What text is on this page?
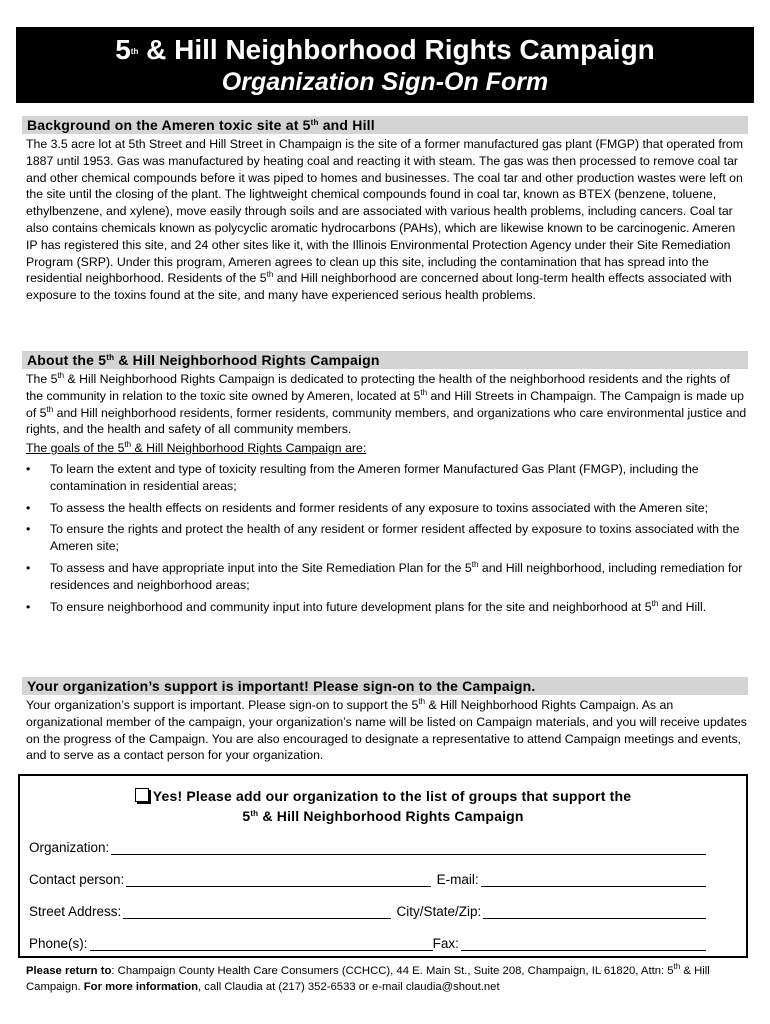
5th & Hill Neighborhood Rights Campaign
Organization Sign-On Form
Background on the Ameren toxic site at 5th and Hill
The 3.5 acre lot at 5th Street and Hill Street in Champaign is the site of a former manufactured gas plant (FMGP) that operated from 1887 until 1953. Gas was manufactured by heating coal and reacting it with steam. The gas was then processed to remove coal tar and other chemical compounds before it was piped to homes and businesses. The coal tar and other production wastes were left on the site until the closing of the plant. The lightweight chemical compounds found in coal tar, known as BTEX (benzene, toluene, ethylbenzene, and xylene), move easily through soils and are associated with various health problems, including cancers. Coal tar also contains chemicals known as polycyclic aromatic hydrocarbons (PAHs), which are likewise known to be carcinogenic. Ameren IP has registered this site, and 24 other sites like it, with the Illinois Environmental Protection Agency under their Site Remediation Program (SRP). Under this program, Ameren agrees to clean up this site, including the contamination that has spread into the residential neighborhood. Residents of the 5th and Hill neighborhood are concerned about long-term health effects associated with exposure to the toxins found at the site, and many have experienced serious health problems.
About the 5th & Hill Neighborhood Rights Campaign
The 5th & Hill Neighborhood Rights Campaign is dedicated to protecting the health of the neighborhood residents and the rights of the community in relation to the toxic site owned by Ameren, located at 5th and Hill Streets in Champaign. The Campaign is made up of 5th and Hill neighborhood residents, former residents, community members, and organizations who care environmental justice and rights, and the health and safety of all community members.
The goals of the 5th & Hill Neighborhood Rights Campaign are:
• To learn the extent and type of toxicity resulting from the Ameren former Manufactured Gas Plant (FMGP), including the contamination in residential areas;
• To assess the health effects on residents and former residents of any exposure to toxins associated with the Ameren site;
• To ensure the rights and protect the health of any resident or former resident affected by exposure to toxins associated with the Ameren site;
• To assess and have appropriate input into the Site Remediation Plan for the 5th and Hill neighborhood, including remediation for residences and neighborhood areas;
• To ensure neighborhood and community input into future development plans for the site and neighborhood at 5th and Hill.
Your organization’s support is important! Please sign-on to the Campaign.
Your organization’s support is important. Please sign-on to support the 5th & Hill Neighborhood Rights Campaign. As an organizational member of the campaign, your organization’s name will be listed on Campaign materials, and you will receive updates on the progress of the Campaign. You are also encouraged to designate a representative to attend Campaign meetings and events, and to serve as a contact person for your organization.
Yes! Please add our organization to the list of groups that support the
5th & Hill Neighborhood Rights Campaign
Organization:
Contact person:	E-mail:
Street Address:	City/State/Zip:
Phone(s):	Fax:
Please return to: Champaign County Health Care Consumers (CCHCC), 44 E. Main St., Suite 208, Champaign, IL 61820, Attn: 5th & Hill Campaign. For more information, call Claudia at (217) 352-6533 or e-mail claudia@shout.net
